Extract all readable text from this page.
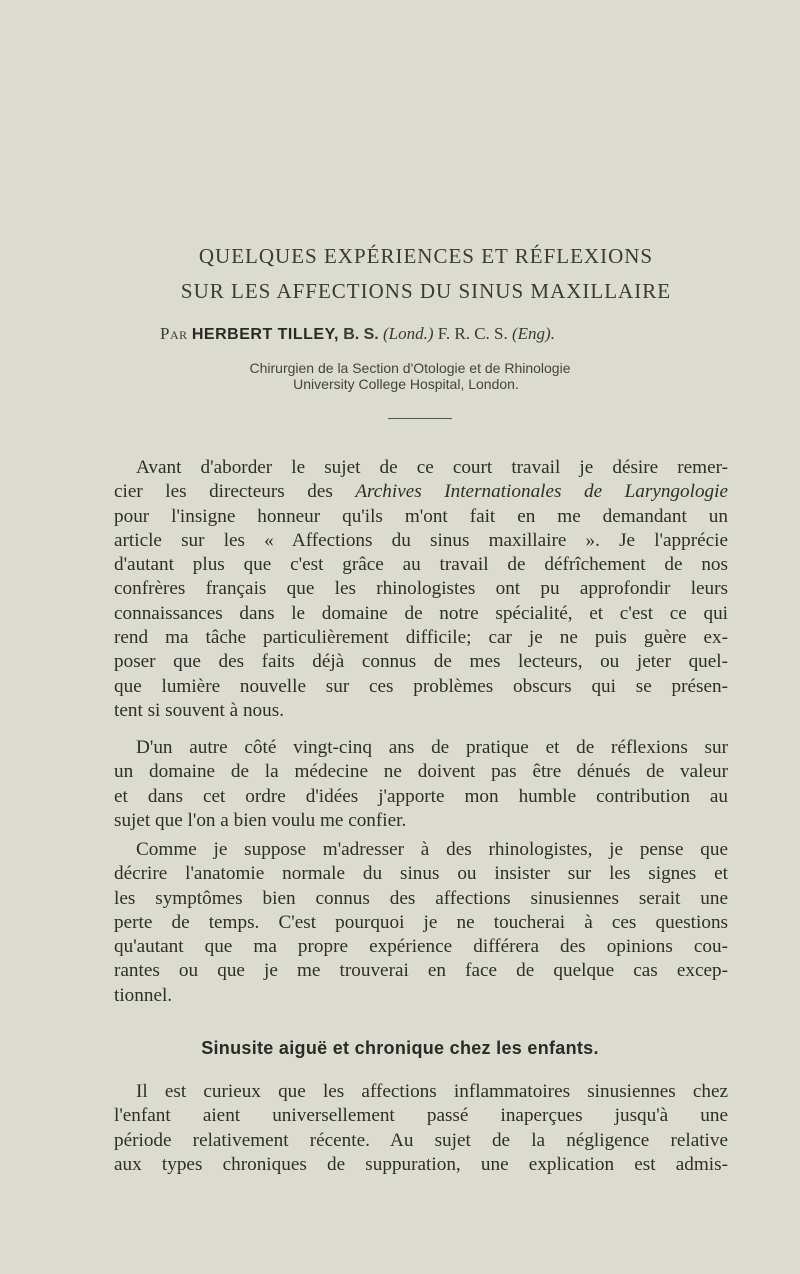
QUELQUES EXPÉRIENCES ET RÉFLEXIONS
SUR LES AFFECTIONS DU SINUS MAXILLAIRE
Par HERBERT TILLEY, B. S. (Lond.) F. R. C. S. (Eng).
Chirurgien de la Section d'Otologie et de Rhinologie
University College Hospital, London.
Avant d'aborder le sujet de ce court travail je désire remer-
cier les directeurs des Archives Internationales de Laryngologie
pour l'insigne honneur qu'ils m'ont fait en me demandant un
article sur les « Affections du sinus maxillaire ». Je l'apprécie
d'autant plus que c'est grâce au travail de défrîchement de nos
confrères français que les rhinologistes ont pu approfondir leurs
connaissances dans le domaine de notre spécialité, et c'est ce qui
rend ma tâche particulièrement difficile; car je ne puis guère ex-
poser que des faits déjà connus de mes lecteurs, ou jeter quel-
que lumière nouvelle sur ces problèmes obscurs qui se présen-
tent si souvent à nous.
D'un autre côté vingt-cinq ans de pratique et de réflexions sur
un domaine de la médecine ne doivent pas être dénués de valeur
et dans cet ordre d'idées j'apporte mon humble contribution au
sujet que l'on a bien voulu me confier.
Comme je suppose m'adresser à des rhinologistes, je pense que
décrire l'anatomie normale du sinus ou insister sur les signes et
les symptômes bien connus des affections sinusiennes serait une
perte de temps. C'est pourquoi je ne toucherai à ces questions
qu'autant que ma propre expérience différera des opinions cou-
rantes ou que je me trouverai en face de quelque cas excep-
tionnel.
Sinusite aiguë et chronique chez les enfants.
Il est curieux que les affections inflammatoires sinusiennes chez
l'enfant aient universellement passé inaperçues jusqu'à une
période relativement récente. Au sujet de la négligence relative
aux types chroniques de suppuration, une explication est admis-
